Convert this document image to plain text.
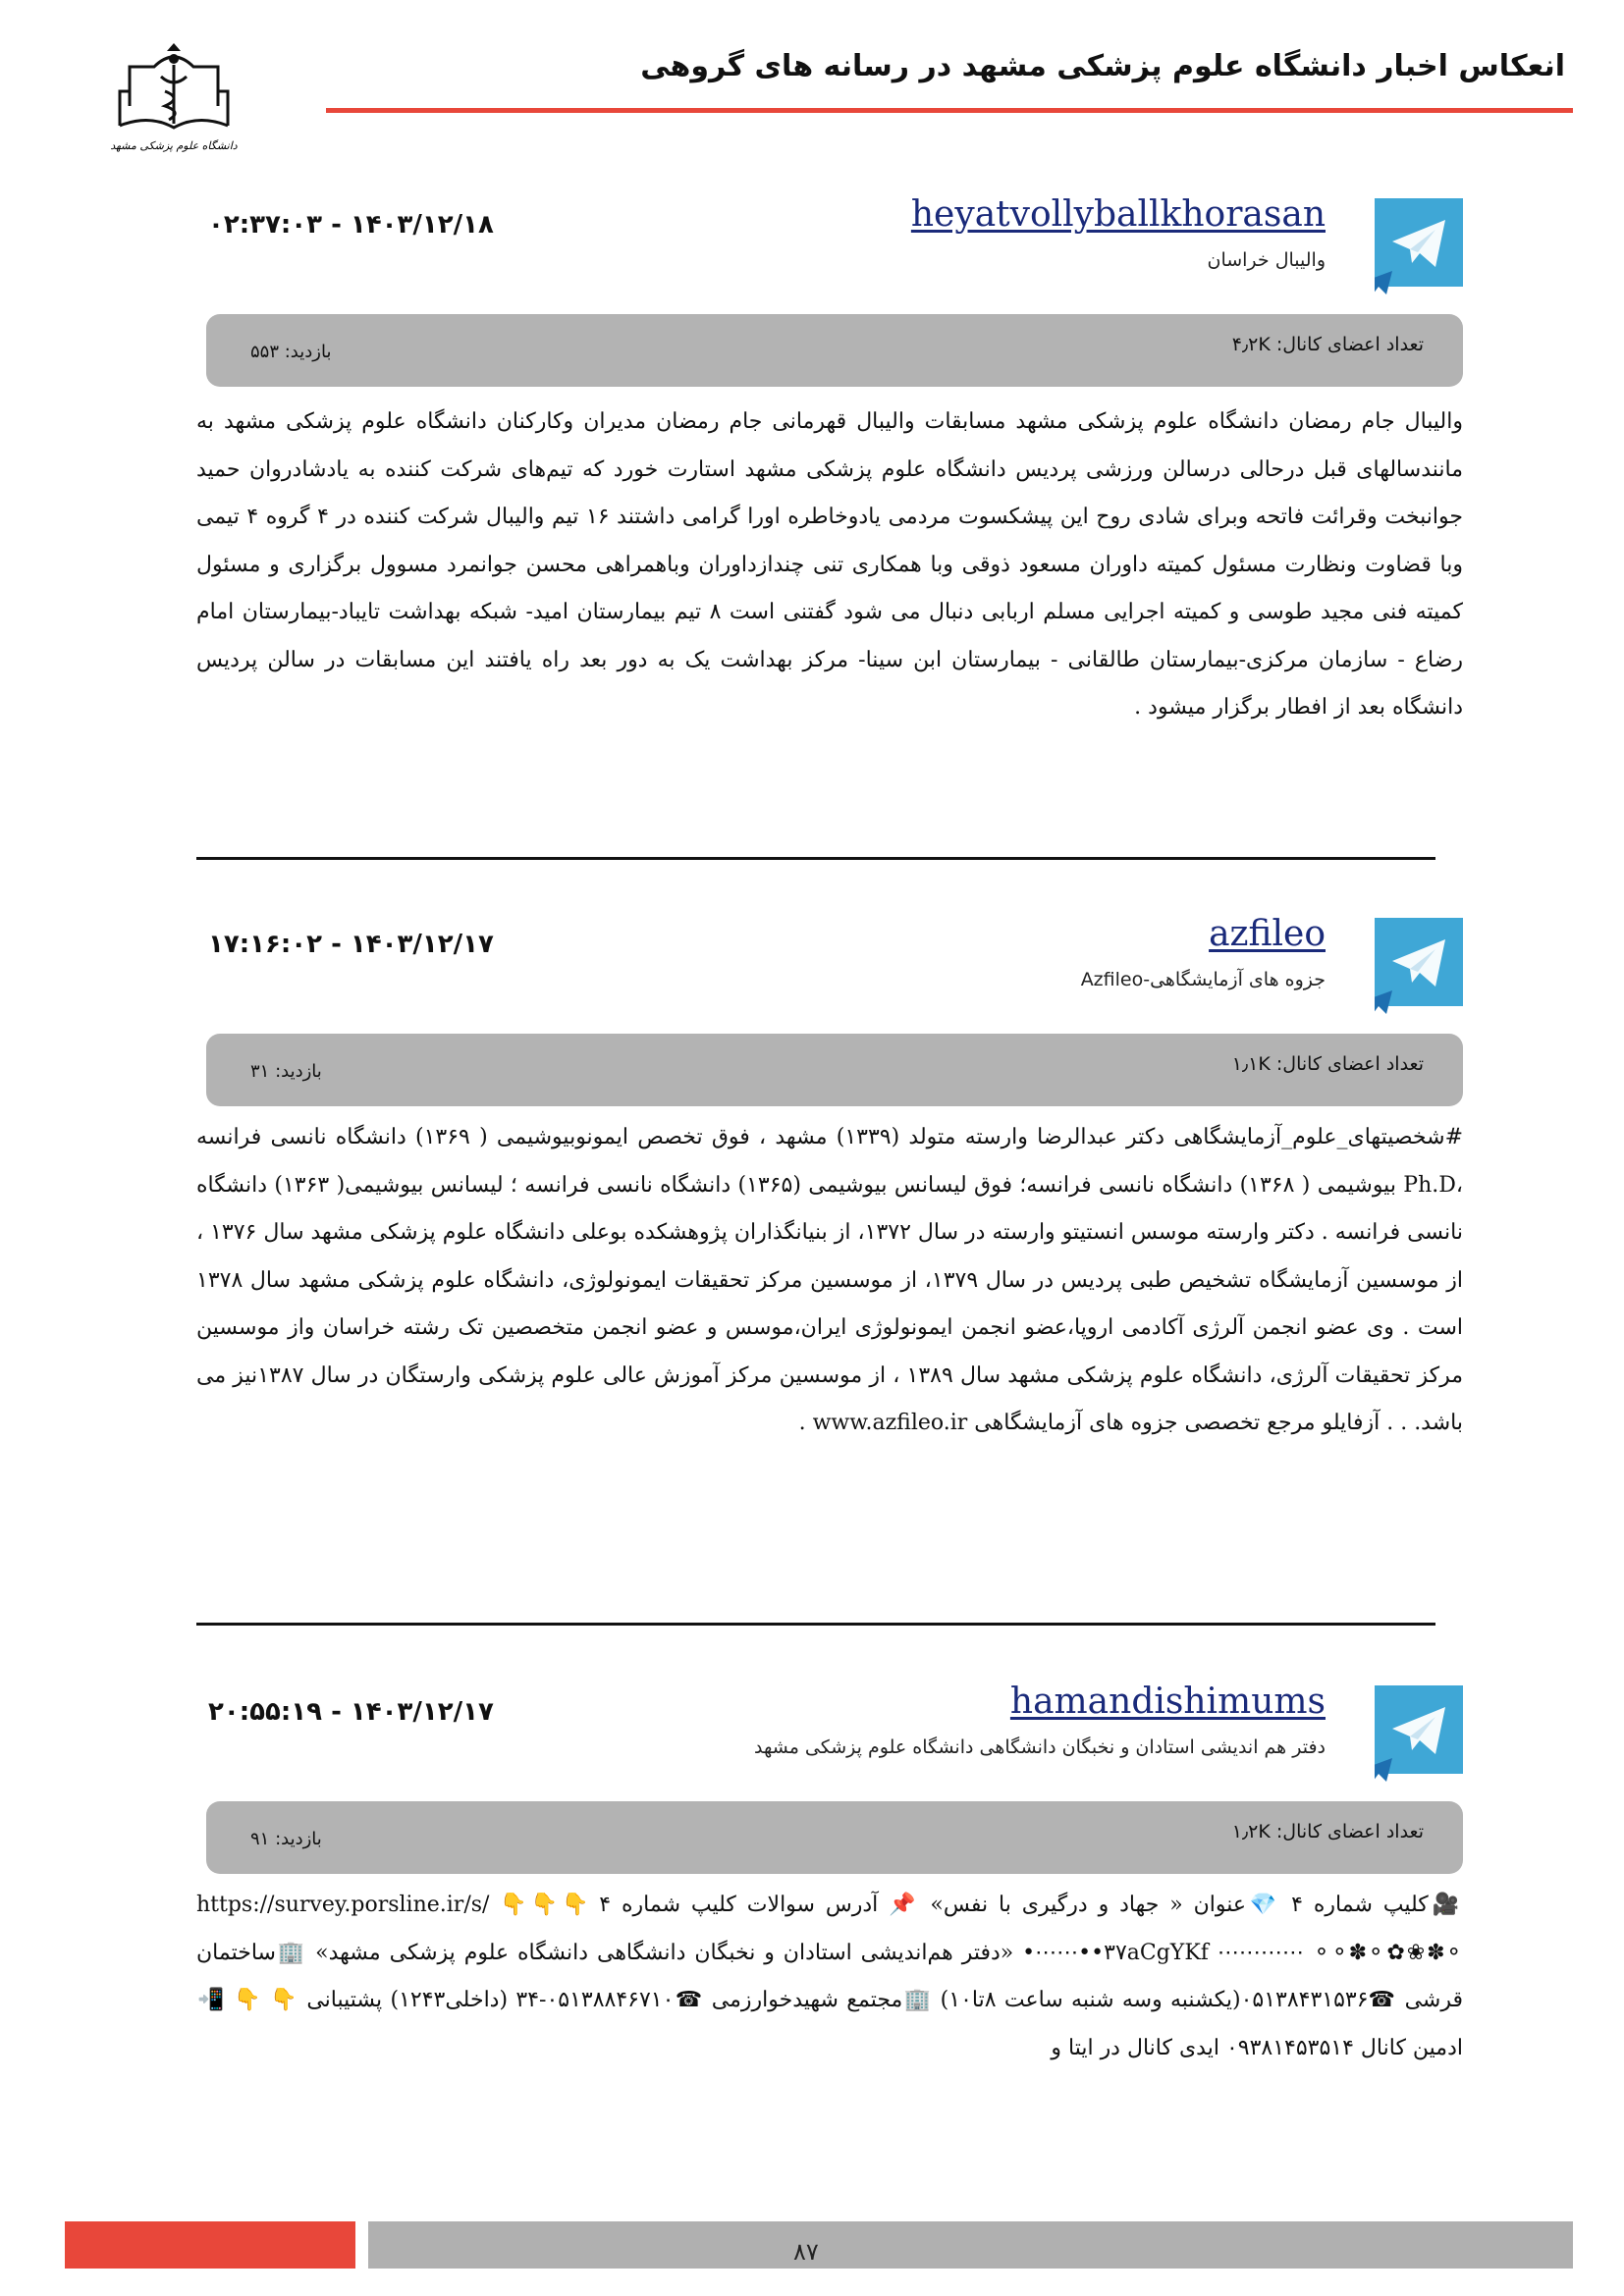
انعکاس اخبار دانشگاه علوم پزشکی مشهد در رسانه های گروهی
دانشگاه علوم پزشکی مشهد
heyatvollyballkhorasan
والیبال خراسان
۱۴۰۳/۱۲/۱۸ - ۰۲:۳۷:۰۳
تعداد اعضای کانال: ۴٫۲K
بازدید: ۵۵۳
والیبال جام رمضان دانشگاه علوم پزشکی مشهد مسابقات والیبال قهرمانی جام رمضان مدیران وکارکنان دانشگاه علوم پزشکی مشهد به مانندسالهای قبل درحالی درسالن ورزشی پردیس دانشگاه علوم پزشکی مشهد استارت خورد که تیم‌های شرکت کننده به یادشادروان حمید جوانبخت وقرائت فاتحه وبرای شادی روح این پیشکسوت مردمی یادوخاطره اورا گرامی داشتند ۱۶ تیم والیبال شرکت کننده در ۴ گروه ۴ تیمی وبا قضاوت ونظارت مسئول کمیته داوران مسعود ذوقی وبا همکاری تنی چندازداوران وباهمراهی محسن جوانمرد مسوول برگزاری و مسئول کمیته فنی مجید طوسی و کمیته اجرایی مسلم اربابی دنبال می شود گفتنی است ۸ تیم بیمارستان امید- شبکه بهداشت تایباد-بیمارستان امام رضاع - سازمان مرکزی-بیمارستان طالقانی - بیمارستان ابن سینا- مرکز بهداشت یک به دور بعد راه یافتند این مسابقات در سالن پردیس دانشگاه بعد از افطار برگزار میشود .
azfileo
جزوه های آزمایشگاهی-Azfileo
۱۴۰۳/۱۲/۱۷ - ۱۷:۱۶:۰۲
تعداد اعضای کانال: ۱٫۱K
بازدید: ۳۱
#شخصیتهای_علوم_آزمایشگاهی دکتر عبدالرضا وارسته متولد (۱۳۳۹) مشهد ، فوق تخصص ایمونوبیوشیمی ( ۱۳۶۹) دانشگاه نانسی فرانسه ،Ph.D بیوشیمی ( ۱۳۶۸) دانشگاه نانسی فرانسه؛ فوق لیسانس بیوشیمی (۱۳۶۵) دانشگاه نانسی فرانسه ؛ لیسانس بیوشیمی( ۱۳۶۳) دانشگاه نانسی فرانسه . دکتر وارسته موسس انستیتو وارسته در سال ۱۳۷۲، از بنیانگذاران پژوهشکده بوعلی دانشگاه علوم پزشکی مشهد سال ۱۳۷۶ ، از موسسین آزمایشگاه تشخیص طبی پردیس در سال ۱۳۷۹، از موسسین مرکز تحقیقات ایمونولوژی، دانشگاه علوم پزشکی مشهد سال ۱۳۷۸ است . وی عضو انجمن آلرژی آکادمی اروپا،عضو انجمن ایمونولوژی ایران،موسس و عضو انجمن متخصصین تک رشته خراسان واز موسسین مرکز تحقیقات آلرژی، دانشگاه علوم پزشکی مشهد سال ۱۳۸۹ ، از موسسین مرکز آموزش عالی علوم پزشکی وارستگان در سال ۱۳۸۷نیز می باشد. . . آزفایلو مرجع تخصصی جزوه های آزمایشگاهی www.azfileo.ir .
hamandishimums
دفتر هم اندیشی استادان و نخبگان دانشگاهی دانشگاه علوم پزشکی مشهد
۱۴۰۳/۱۲/۱۷ - ۲۰:۵۵:۱۹
تعداد اعضای کانال: ۱٫۲K
بازدید: ۹۱
🎥کلیپ شماره ۴ 💎عنوان « جهاد و درگیری با نفس» 📌 آدرس سوالات کلیپ شماره ۴ 👇👇👇 https://survey.porsline.ir/s/۳۷aCgYKf ⋯⋯⋯⋯ ⚬⚬✽⚬✿❀✽⚬••⋯⋯• «دفتر هم‌اندیشی استادان و نخبگان دانشگاهی دانشگاه علوم پزشکی مشهد» 🏢ساختمان قرشی ☎۰۵۱۳۸۴۳۱۵۳۶(یکشنبه وسه شنبه ساعت ۸تا۱۰) 🏢مجتمع شهیدخوارزمی ☎۰۵۱۳۸۸۴۶۷۱۰-۳۴ (داخلی۱۲۴۳) پشتیبانی 👇 👇 📲ادمین کانال ۰۹۳۸۱۴۵۳۵۱۴ ایدی کانال در ایتا و
۸۷
